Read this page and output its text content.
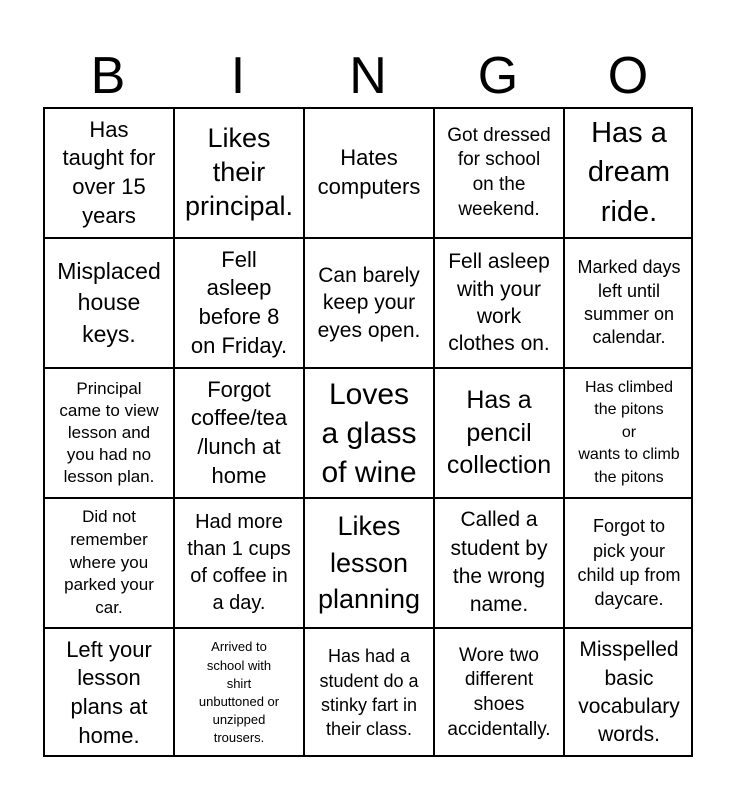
B	I	N	G	O
Has
taught for
over 15
years
Likes
their
principal.
Hates
computers
Got dressed
for school
on the
weekend.
Has a
dream
ride.
Misplaced
house
keys.
Fell
asleep
before 8
on Friday.
Can barely
keep your
eyes open.
Fell asleep
with your
work
clothes on.
Marked days
left until
summer on
calendar.
Principal
came to view
lesson and
you had no
lesson plan.
Forgot
coffee/tea
/lunch at
home
Loves
a glass
of wine
Has a
pencil
collection
Has climbed
the pitons
or
wants to climb
the pitons
Did not
remember
where you
parked your
car.
Had more
than 1 cups
of coffee in
a day.
Likes
lesson
planning
Called a
student by
the wrong
name.
Forgot to
pick your
child up from
daycare.
Left your
lesson
plans at
home.
Arrived to
school with
shirt
unbuttoned or
unzipped
trousers.
Has had a
student do a
stinky fart in
their class.
Wore two
different
shoes
accidentally.
Misspelled
basic
vocabulary
words.
